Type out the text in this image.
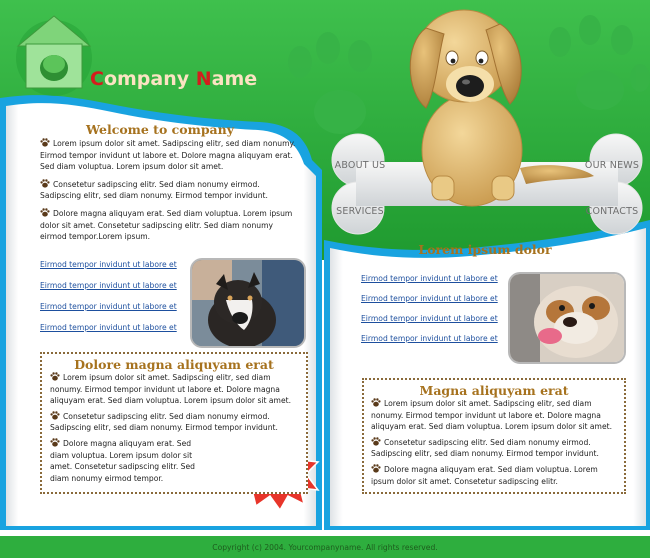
Company Name
ABOUT US
SERVICES
OUR NEWS
CONTACTS
Welcome to company

Lorem ipsum dolor sit amet. Sadipscing elitr, sed diam nonumy. Eirmod tempor invidunt ut labore et. Dolore magna aliquyam erat. Sed diam voluptua. Lorem ipsum dolor sit amet.

Consetetur sadipscing elitr. Sed diam nonumy eirmod. Sadipscing elitr, sed diam nonumy. Eirmod tempor invidunt.

Dolore magna aliquyam erat. Sed diam voluptua. Lorem ipsum dolor sit amet. Consetetur sadipscing elitr. Sed diam nonumy eirmod tempor.Lorem ipsum.

Eirmod tempor invidunt ut labore et
Eirmod tempor invidunt ut labore et
Eirmod tempor invidunt ut labore et
Eirmod tempor invidunt ut labore et
Dolore magna aliquyam erat

Lorem ipsum dolor sit amet. Sadipscing elitr, sed diam nonumy. Eirmod tempor invidunt ut labore et. Dolore magna aliquyam erat. Sed diam voluptua. Lorem ipsum dolor sit amet.

Consetetur sadipscing elitr. Sed diam nonumy eirmod. Sadipscing elitr, sed diam nonumy. Eirmod tempor invidunt.

Dolore magna aliquyam erat. Sed diam voluptua. Lorem ipsum dolor sit amet. Consetetur sadipscing elitr. Sed diam nonumy eirmod tempor.	NEW!
Lorem ipsum dolor
Eirmod tempor invidunt ut labore et
Eirmod tempor invidunt ut labore et
Eirmod tempor invidunt ut labore et
Eirmod tempor invidunt ut labore et
Magna aliquyam erat

Lorem ipsum dolor sit amet. Sadipscing elitr, sed diam nonumy. Eirmod tempor invidunt ut labore et. Dolore magna aliquyam erat. Sed diam voluptua. Lorem ipsum dolor sit amet.

Consetetur sadipscing elitr. Sed diam nonumy eirmod. Sadipscing elitr, sed diam nonumy. Eirmod tempor invidunt.

Dolore magna aliquyam erat. Sed diam voluptua. Lorem ipsum dolor sit amet. Consetetur sadipscing elitr.

Copyright (c) 2004. Yourcompanyname. All rights reserved.
